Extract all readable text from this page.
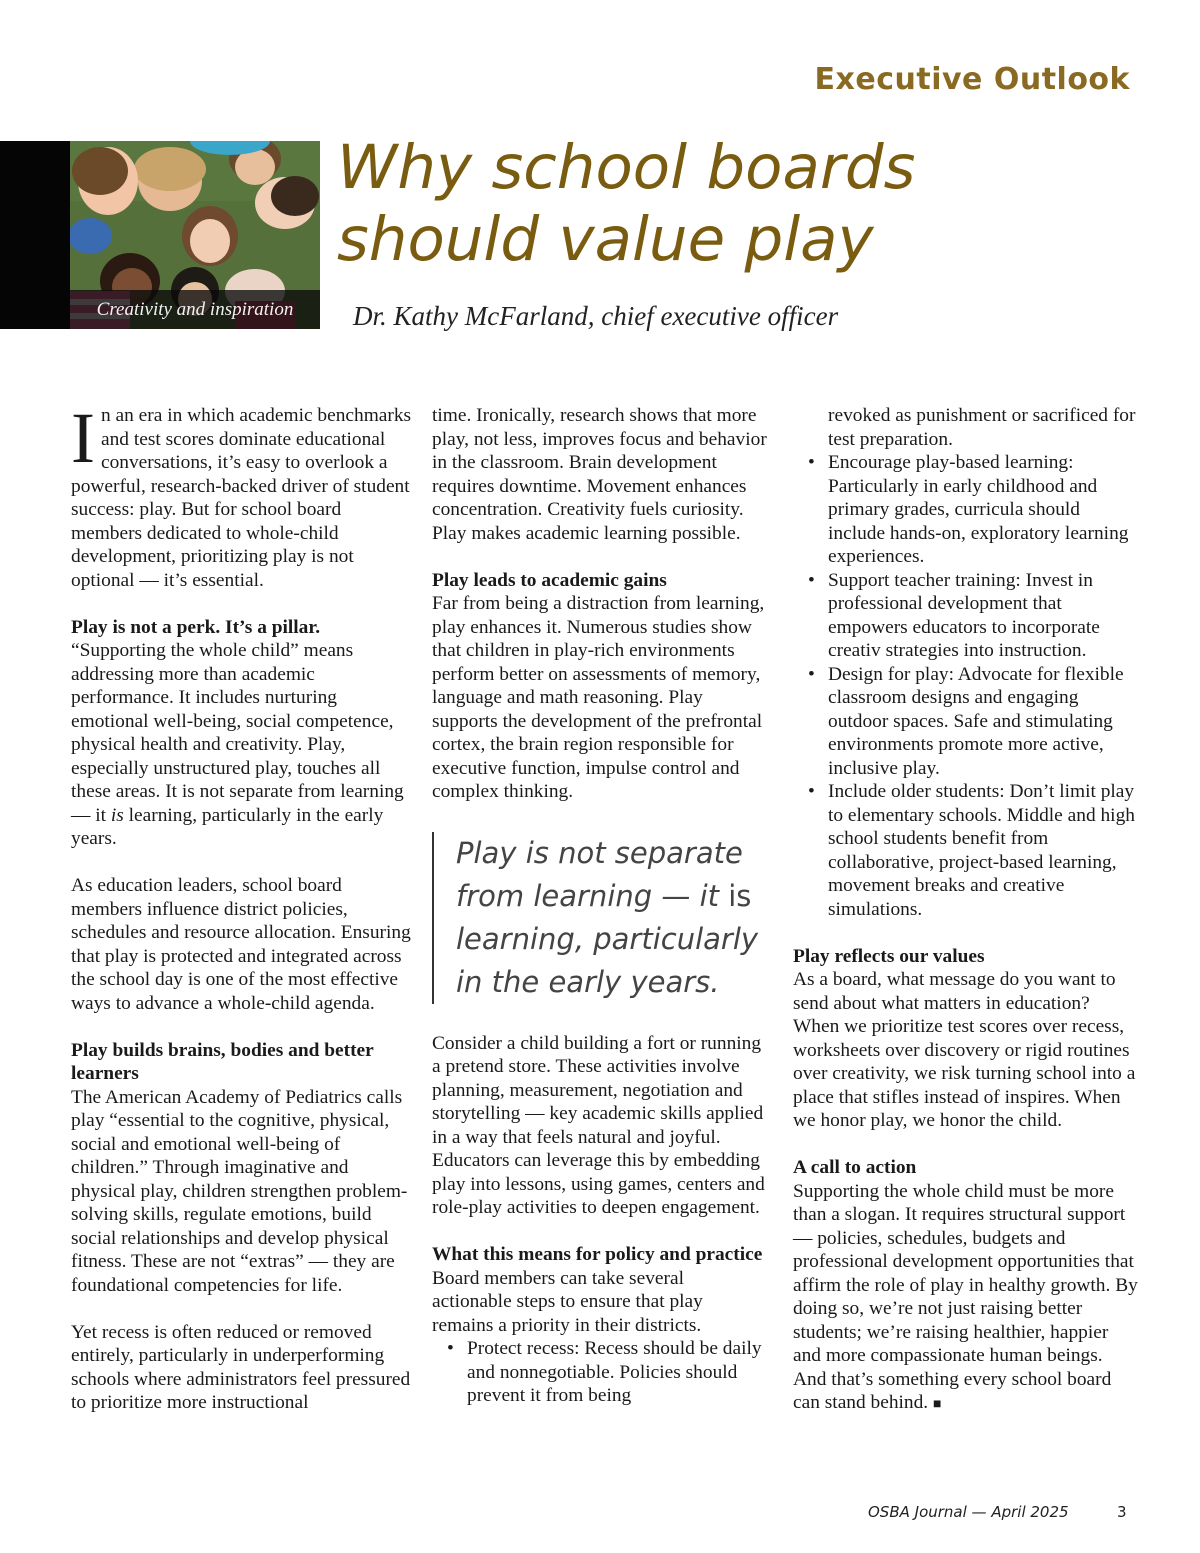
Executive Outlook
Creativity and inspiration
Why school boards
should value play
Dr. Kathy McFarland, chief executive officer

In an era in which academic benchmarks and test scores dominate educational conversations, it’s easy to overlook a powerful, research-backed driver of student success: play. But for school board members dedicated to whole-child development, prioritizing play is not optional — it’s essential.

Play is not a perk. It’s a pillar.

“Supporting the whole child” means addressing more than academic performance. It includes nurturing emotional well-being, social competence, physical health and creativity. Play, especially unstructured play, touches all these areas. It is not separate from learning — it is learning, particularly in the early years.

As education leaders, school board members influence district policies, schedules and resource allocation. Ensuring that play is protected and integrated across the school day is one of the most effective ways to advance a whole-child agenda.

Play builds brains, bodies and better learners

The American Academy of Pediatrics calls play “essential to the cognitive, physical, social and emotional well-being of children.” Through imaginative and physical play, children strengthen problem-solving skills, regulate emotions, build social relationships and develop physical fitness. These are not “extras” — they are foundational competencies for life.

Yet recess is often reduced or removed entirely, particularly in underperforming schools where administrators feel pressured to prioritize more instructional

time. Ironically, research shows that more play, not less, improves focus and behavior in the classroom. Brain development requires downtime. Movement enhances concentration. Creativity fuels curiosity. Play makes academic learning possible.

Play leads to academic gains

Far from being a distraction from learning, play enhances it. Numerous studies show that children in play-rich environments perform better on assessments of memory, language and math reasoning. Play supports the development of the prefrontal cortex, the brain region responsible for executive function, impulse control and complex thinking.

Play is not separate from learning — it is learning, particularly in the early years.

Consider a child building a fort or running a pretend store. These activities involve planning, measurement, negotiation and storytelling — key academic skills applied in a way that feels natural and joyful. Educators can leverage this by embedding play into lessons, using games, centers and role-play activities to deepen engagement.

What this means for policy and practice

Board members can take several actionable steps to ensure that play remains a priority in their districts.

• Protect recess: Recess should be daily and nonnegotiable. Policies should prevent it from being

revoked as punishment or sacrificed for test preparation.

• Encourage play-based learning: Particularly in early childhood and primary grades, curricula should include hands-on, exploratory learning experiences.
• Support teacher training: Invest in professional development that empowers educators to incorporate creativ strategies into instruction.
• Design for play: Advocate for flexible classroom designs and engaging outdoor spaces. Safe and stimulating environments promote more active, inclusive play.
• Include older students: Don’t limit play to elementary schools. Middle and high school students benefit from collaborative, project-based learning, movement breaks and creative simulations.
Play reflects our values

As a board, what message do you want to send about what matters in education? When we prioritize test scores over recess, worksheets over discovery or rigid routines over creativity, we risk turning school into a place that stifles instead of inspires. When we honor play, we honor the child.

A call to action

Supporting the whole child must be more than a slogan. It requires structural support — policies, schedules, budgets and professional development opportunities that affirm the role of play in healthy growth. By doing so, we’re not just raising better students; we’re raising healthier, happier and more compassionate human beings. And that’s something every school board can stand behind. ■

OSBA Journal — April 2025	3
